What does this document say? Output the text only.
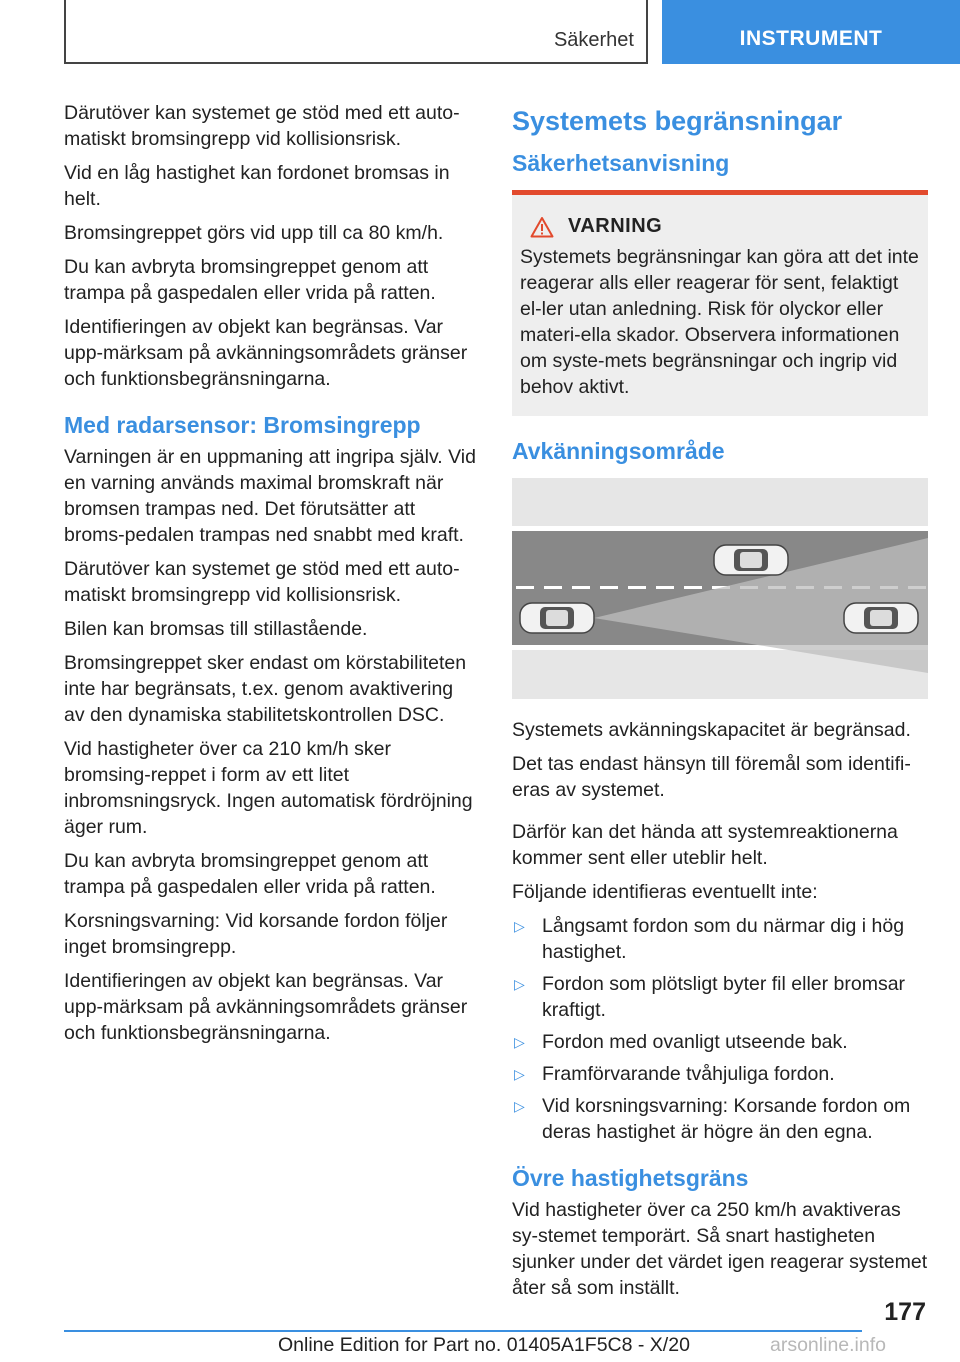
Säkerhet	INSTRUMENT

Därutöver kan systemet ge stöd med ett auto-matiskt bromsingrepp vid kollisionsrisk.

Vid en låg hastighet kan fordonet bromsas in helt.

Bromsingreppet görs vid upp till ca 80 km/h.

Du kan avbryta bromsingreppet genom att trampa på gaspedalen eller vrida på ratten.

Identifieringen av objekt kan begränsas. Var upp-märksam på avkänningsområdets gränser och funktionsbegränsningarna.

Med radarsensor: Bromsingrepp

Varningen är en uppmaning att ingripa själv. Vid en varning används maximal bromskraft när bromsen trampas ned. Det förutsätter att broms-pedalen trampas ned snabbt med kraft.

Därutöver kan systemet ge stöd med ett auto-matiskt bromsingrepp vid kollisionsrisk.

Bilen kan bromsas till stillastående.

Bromsingreppet sker endast om körstabiliteten inte har begränsats, t.ex. genom avaktivering av den dynamiska stabilitetskontrollen DSC.

Vid hastigheter över ca 210 km/h sker bromsing-reppet i form av ett litet inbromsningsryck. Ingen automatisk fördröjning äger rum.

Du kan avbryta bromsingreppet genom att trampa på gaspedalen eller vrida på ratten.

Korsningsvarning: Vid korsande fordon följer inget bromsingrepp.

Identifieringen av objekt kan begränsas. Var upp-märksam på avkänningsområdets gränser och funktionsbegränsningarna.

Systemets begränsningar
Säkerhetsanvisning
VARNING

Systemets begränsningar kan göra att det inte reagerar alls eller reagerar för sent, felaktigt el-ler utan anledning. Risk för olyckor eller materi-ella skador. Observera informationen om syste-mets begränsningar och ingrip vid behov aktivt.

Avkänningsområde

Systemets avkänningskapacitet är begränsad.

Det tas endast hänsyn till föremål som identifi-eras av systemet.

Därför kan det hända att systemreaktionerna kommer sent eller uteblir helt.

Följande identifieras eventuellt inte:

▷ Långsamt fordon som du närmar dig i hög hastighet.
▷ Fordon som plötsligt byter fil eller bromsar kraftigt.
▷ Fordon med ovanligt utseende bak.
▷ Framförvarande tvåhjuliga fordon.
▷ Vid korsningsvarning: Korsande fordon om deras hastighet är högre än den egna.
Övre hastighetsgräns

Vid hastigheter över ca 250 km/h avaktiveras sy-stemet temporärt. Så snart hastigheten sjunker under det värdet igen reagerar systemet åter så som inställt.

177
Online Edition for Part no. 01405A1F5C8 - X/20	arsonline.info
